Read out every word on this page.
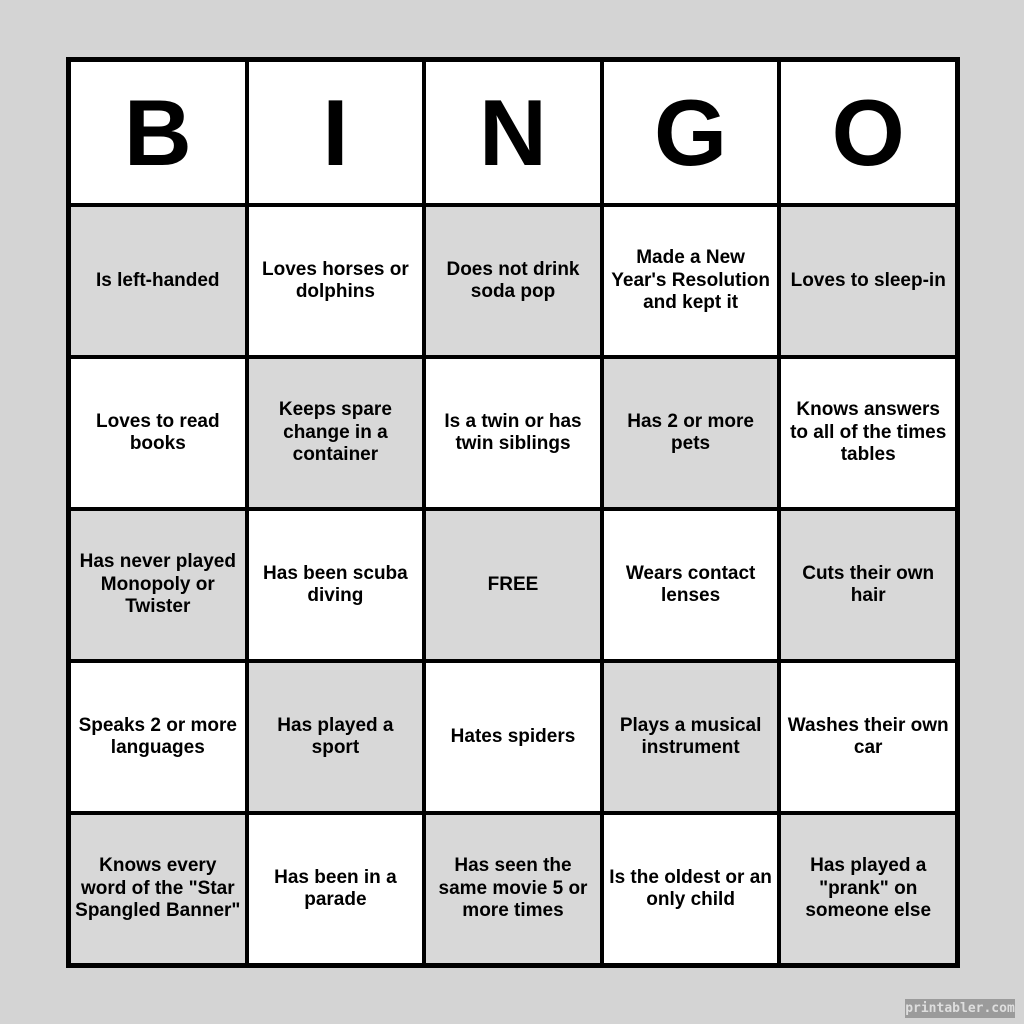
B I N G O
Is left-handed
Loves horses or dolphins
Does not drink soda pop
Made a New Year's Resolution and kept it
Loves to sleep-in
Loves to read books
Keeps spare change in a container
Is a twin or has twin siblings
Has 2 or more pets
Knows answers to all of the times tables
Has never played Monopoly or Twister
Has been scuba diving
FREE
Wears contact lenses
Cuts their own hair
Speaks 2 or more languages
Has played a sport
Hates spiders
Plays a musical instrument
Washes their own car
Knows every word of the "Star Spangled Banner"
Has been in a parade
Has seen the same movie 5 or more times
Is the oldest or an only child
Has played a "prank" on someone else
printabler.com
